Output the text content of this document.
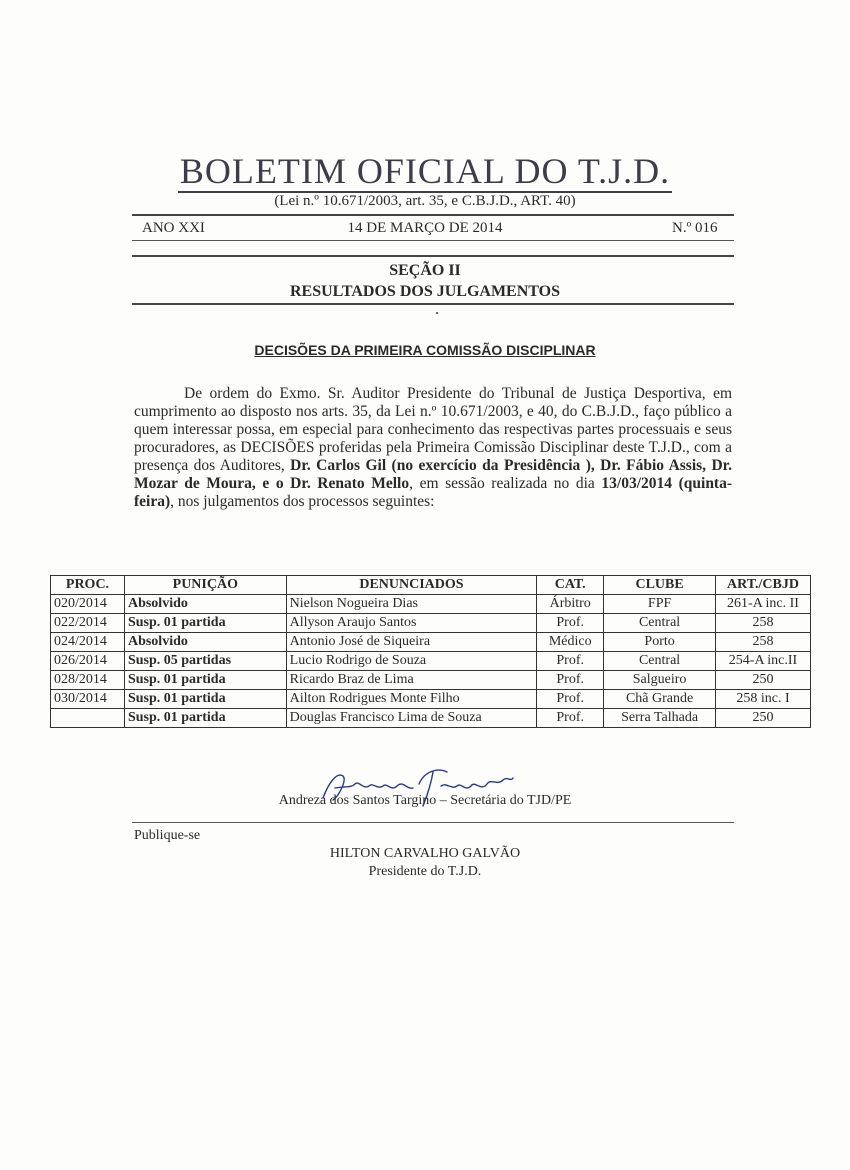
BOLETIM OFICIAL DO T.J.D.
(Lei n.º 10.671/2003, art. 35, e C.B.J.D., ART. 40)
ANO XXI	14 DE MARÇO DE 2014	N.º 016
SEÇÃO II
RESULTADOS DOS JULGAMENTOS
DECISÕES DA PRIMEIRA COMISSÃO DISCIPLINAR

De ordem do Exmo. Sr. Auditor Presidente do Tribunal de Justiça Desportiva, em cumprimento ao disposto nos arts. 35, da Lei n.º 10.671/2003, e 40, do C.B.J.D., faço público a quem interessar possa, em especial para conhecimento das respectivas partes processuais e seus procuradores, as DECISÕES proferidas pela Primeira Comissão Disciplinar deste T.J.D., com a presença dos Auditores, Dr. Carlos Gil (no exercício da Presidência ), Dr. Fábio Assis, Dr. Mozar de Moura, e o Dr. Renato Mello, em sessão realizada no dia 13/03/2014 (quinta-feira), nos julgamentos dos processos seguintes:

PROC.	PUNIÇÃO	DENUNCIADOS	CAT.	CLUBE	ART./CBJD
020/2014	Absolvido	Nielson Nogueira Dias	Árbitro	FPF	261-A inc. II
022/2014	Susp. 01 partida	Allyson Araujo Santos	Prof.	Central	258
024/2014	Absolvido	Antonio José de Siqueira	Médico	Porto	258
026/2014	Susp. 05 partidas	Lucio Rodrigo de Souza	Prof.	Central	254-A inc.II
028/2014	Susp. 01 partida	Ricardo Braz de Lima	Prof.	Salgueiro	250
030/2014	Susp. 01 partida	Ailton Rodrigues Monte Filho	Prof.	Chã Grande	258 inc. I
	Susp. 01 partida	Douglas Francisco Lima de Souza	Prof.	Serra Talhada	250
Andreza dos Santos Targino – Secretária do TJD/PE
Publique-se
HILTON CARVALHO GALVÃO
Presidente do T.J.D.
